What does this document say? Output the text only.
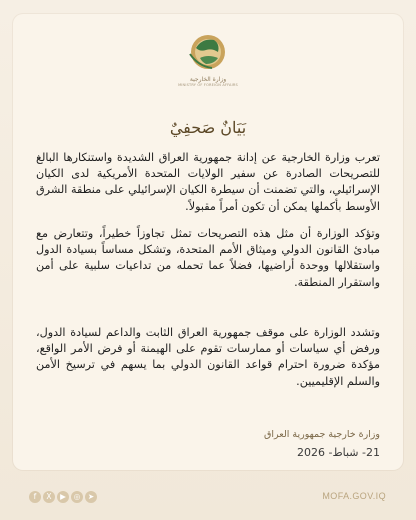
وزارة الخارجية
MINISTRY OF FOREIGN AFFAIRS
بَيَانٌ صَحفِيٌ
تعرب وزارة الخارجية عن إدانة جمهورية العراق الشديدة واستنكارها البالغ للتصريحات الصادرة عن سفير الولايات المتحدة الأمريكية لدى الكيان الإسرائيلي، والتي تضمنت أن سيطرة الكيان الإسرائيلي على منطقة الشرق الأوسط بأكملها يمكن أن تكون أمراً مقبولاً.
وتؤكد الوزارة أن مثل هذه التصريحات تمثل تجاوزاً خطيراً، وتتعارض مع مبادئ القانون الدولي وميثاق الأمم المتحدة، وتشكل مساساً بسيادة الدول واستقلالها ووحدة أراضيها، فضلاً عما تحمله من تداعيات سلبية على أمن واستقرار المنطقة.
وتشدد الوزارة على موقف جمهورية العراق الثابت والداعم لسيادة الدول، ورفض أي سياسات أو ممارسات تقوم على الهيمنة أو فرض الأمر الواقع، مؤكدة ضرورة احترام قواعد القانون الدولي بما يسهم في ترسيخ الأمن والسلم الإقليميين.
وزارة خارجية جمهورية العراق
21- شباط- 2026
f	X	▶	◎	➤	MOFA.GOV.IQ
